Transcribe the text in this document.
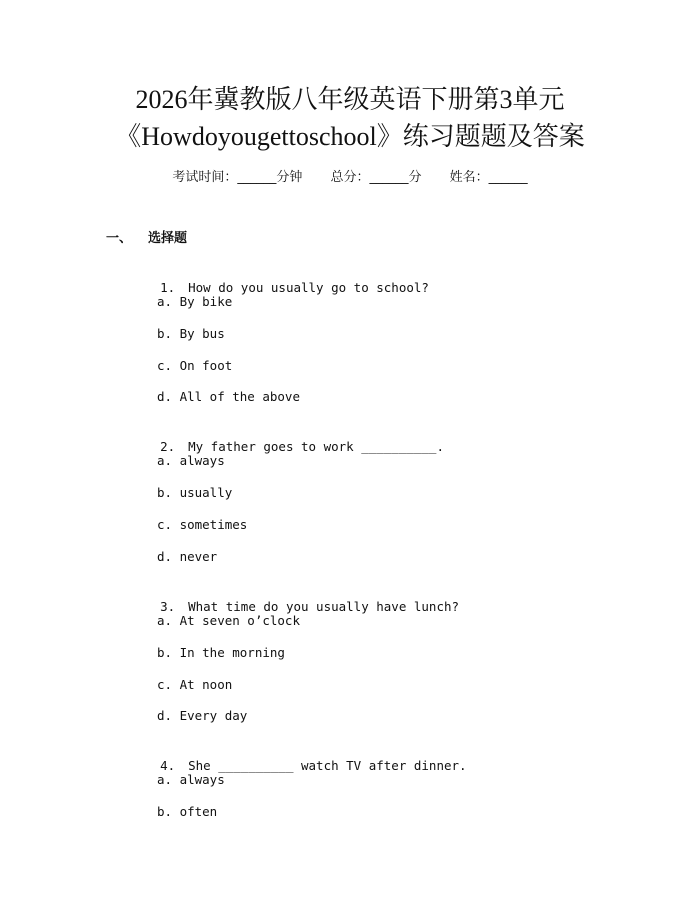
2026年冀教版八年级英语下册第3单元
《Howdoyougettoschool》练习题题及答案
考试时间：______分钟 总分：______分 姓名：______
一、 选择题

1. How do you usually go to school?

a. By bike
b. By bus
c. On foot
d. All of the above

2. My father goes to work __________.

a. always
b. usually
c. sometimes
d. never

3. What time do you usually have lunch?

a. At seven o’clock
b. In the morning
c. At noon
d. Every day

4. She __________ watch TV after dinner.

a. always
b. often
